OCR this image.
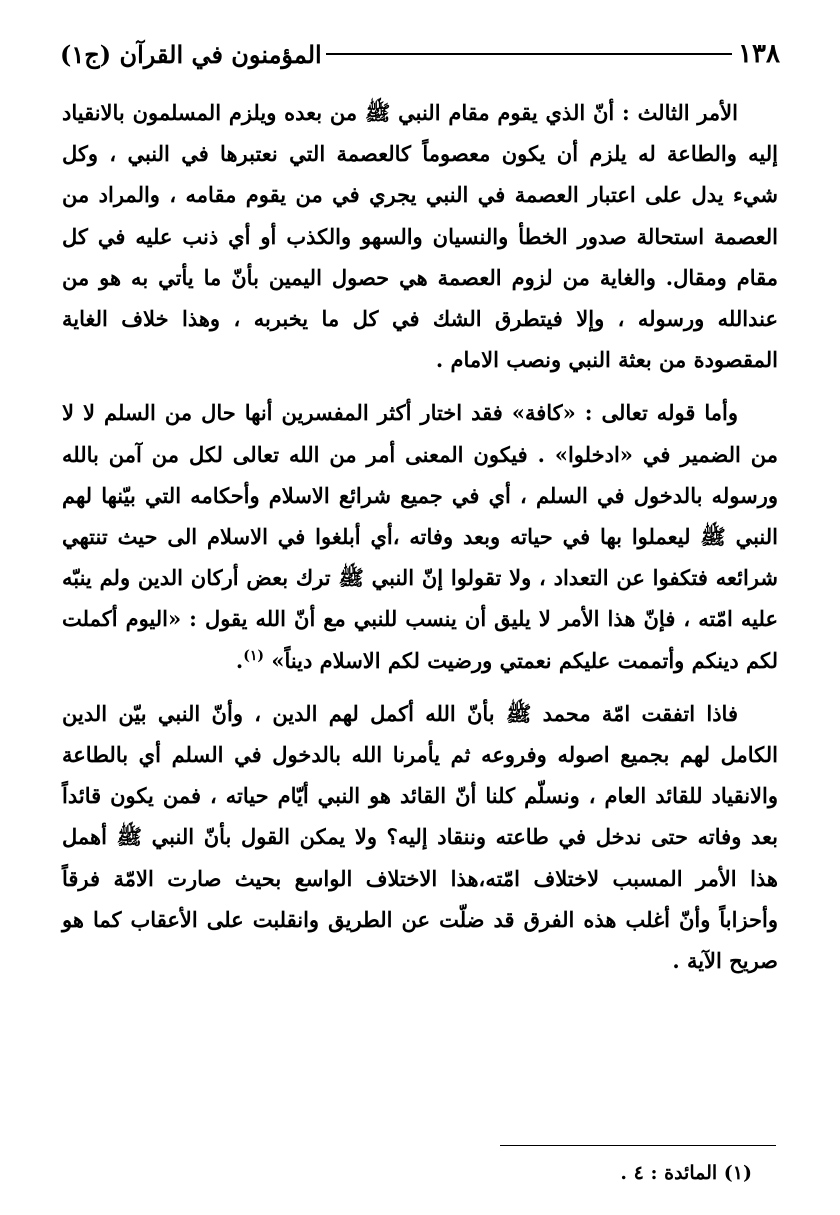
١٣٨
المؤمنون في القرآن (ج١)

الأمر الثالث : أنّ الذي يقوم مقام النبي ﷺ من بعده ويلزم المسلمون بالانقياد إليه والطاعة له يلزم أن يكون معصوماً كالعصمة التي نعتبرها في النبي ، وكل شيء يدل على اعتبار العصمة في النبي يجري في من يقوم مقامه ، والمراد من العصمة استحالة صدور الخطأ والنسيان والسهو والكذب أو أي ذنب عليه في كل مقام ومقال. والغاية من لزوم العصمة هي حصول اليمين بأنّ ما يأتي به هو من عندالله ورسوله ، وإلا فيتطرق الشك في كل ما يخبربه ، وهذا خلاف الغاية المقصودة من بعثة النبي ونصب الامام .

وأما قوله تعالى : «كافة» فقد اختار أكثر المفسرين أنها حال من السلم لا لا من الضمير في «ادخلوا» . فيكون المعنى أمر من الله تعالى لكل من آمن بالله ورسوله بالدخول في السلم ، أي في جميع شرائع الاسلام وأحكامه التي بيّنها لهم النبي ﷺ ليعملوا بها في حياته وبعد وفاته ،أي أبلغوا في الاسلام الى حيث تنتهي شرائعه فتكفوا عن التعداد ، ولا تقولوا إنّ النبي ﷺ ترك بعض أركان الدين ولم ينبّه عليه امّته ، فإنّ هذا الأمر لا يليق أن ينسب للنبي مع أنّ الله يقول : «اليوم أكملت لكم دينكم وأتممت عليكم نعمتي ورضيت لكم الاسلام ديناً» $^{(١)}$.

فاذا اتفقت امّة محمد ﷺ بأنّ الله أكمل لهم الدين ، وأنّ النبي بيّن الدين الكامل لهم بجميع اصوله وفروعه ثم يأمرنا الله بالدخول في السلم أي بالطاعة والانقياد للقائد العام ، ونسلّم كلنا أنّ القائد هو النبي أيّام حياته ، فمن يكون قائداً بعد وفاته حتى ندخل في طاعته وننقاد إليه؟ ولا يمكن القول بأنّ النبي ﷺ أهمل هذا الأمر المسبب لاختلاف امّته،هذا الاختلاف الواسع بحيث صارت الامّة فرقاً وأحزاباً وأنّ أغلب هذه الفرق قد ضلّت عن الطريق وانقلبت على الأعقاب كما هو صريح الآية .

(١) المائدة : ٤ .
